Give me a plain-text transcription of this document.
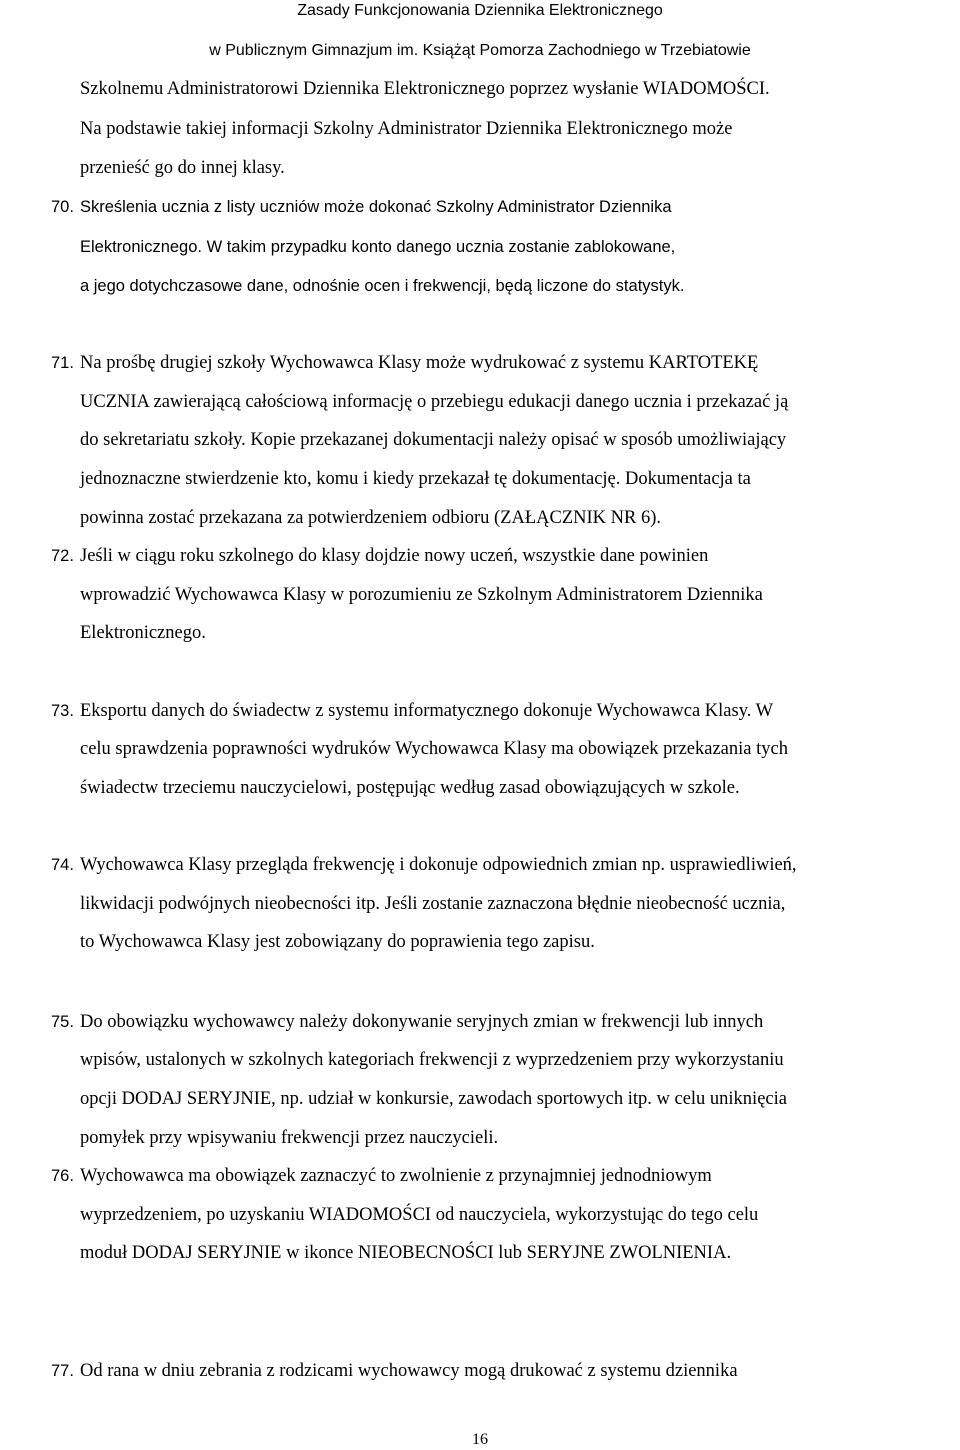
Zasady Funkcjonowania Dziennika Elektronicznego
w Publicznym Gimnazjum im. Książąt Pomorza Zachodniego w Trzebiatowie
Szkolnemu Administratorowi Dziennika Elektronicznego poprzez wysłanie WIADOMOŚCI.
Na podstawie takiej informacji Szkolny Administrator Dziennika Elektronicznego może
przenieść go do innej klasy.
70. Skreślenia ucznia z listy uczniów może dokonać Szkolny Administrator Dziennika
Elektronicznego. W takim przypadku konto danego ucznia zostanie zablokowane,
a jego dotychczasowe dane, odnośnie ocen i frekwencji, będą liczone do statystyk.
71. Na prośbę drugiej szkoły Wychowawca Klasy może wydrukować z systemu KARTOTEKĘ
UCZNIA zawierającą całościową informację o przebiegu edukacji danego ucznia i przekazać ją
do sekretariatu szkoły. Kopie przekazanej dokumentacji należy opisać w sposób umożliwiający
jednoznaczne stwierdzenie kto, komu i kiedy przekazał tę dokumentację. Dokumentacja ta
powinna zostać przekazana za potwierdzeniem odbioru (ZAŁĄCZNIK NR 6).
72. Jeśli w ciągu roku szkolnego do klasy dojdzie nowy uczeń, wszystkie dane powinien
wprowadzić Wychowawca Klasy w porozumieniu ze Szkolnym Administratorem Dziennika
Elektronicznego.
73. Eksportu danych do świadectw z systemu informatycznego dokonuje Wychowawca Klasy. W
celu sprawdzenia poprawności wydruków Wychowawca Klasy ma obowiązek przekazania tych
świadectw trzeciemu nauczycielowi, postępując według zasad obowiązujących w szkole.
74. Wychowawca Klasy przegląda frekwencję i dokonuje odpowiednich zmian np. usprawiedliwień,
likwidacji podwójnych nieobecności itp. Jeśli zostanie zaznaczona błędnie nieobecność ucznia,
to Wychowawca Klasy jest zobowiązany do poprawienia tego zapisu.
75. Do obowiązku wychowawcy należy dokonywanie seryjnych zmian w frekwencji lub innych
wpisów, ustalonych w szkolnych kategoriach frekwencji z wyprzedzeniem przy wykorzystaniu
opcji DODAJ SERYJNIE, np. udział w konkursie, zawodach sportowych itp. w celu uniknięcia
pomyłek przy wpisywaniu frekwencji przez nauczycieli.
76. Wychowawca ma obowiązek zaznaczyć to zwolnienie z przynajmniej jednodniowym
wyprzedzeniem, po uzyskaniu WIADOMOŚCI od nauczyciela, wykorzystując do tego celu
moduł DODAJ SERYJNIE w ikonce NIEOBECNOŚCI lub SERYJNE ZWOLNIENIA.
77. Od rana w dniu zebrania z rodzicami wychowawcy mogą drukować z systemu dziennika
16
